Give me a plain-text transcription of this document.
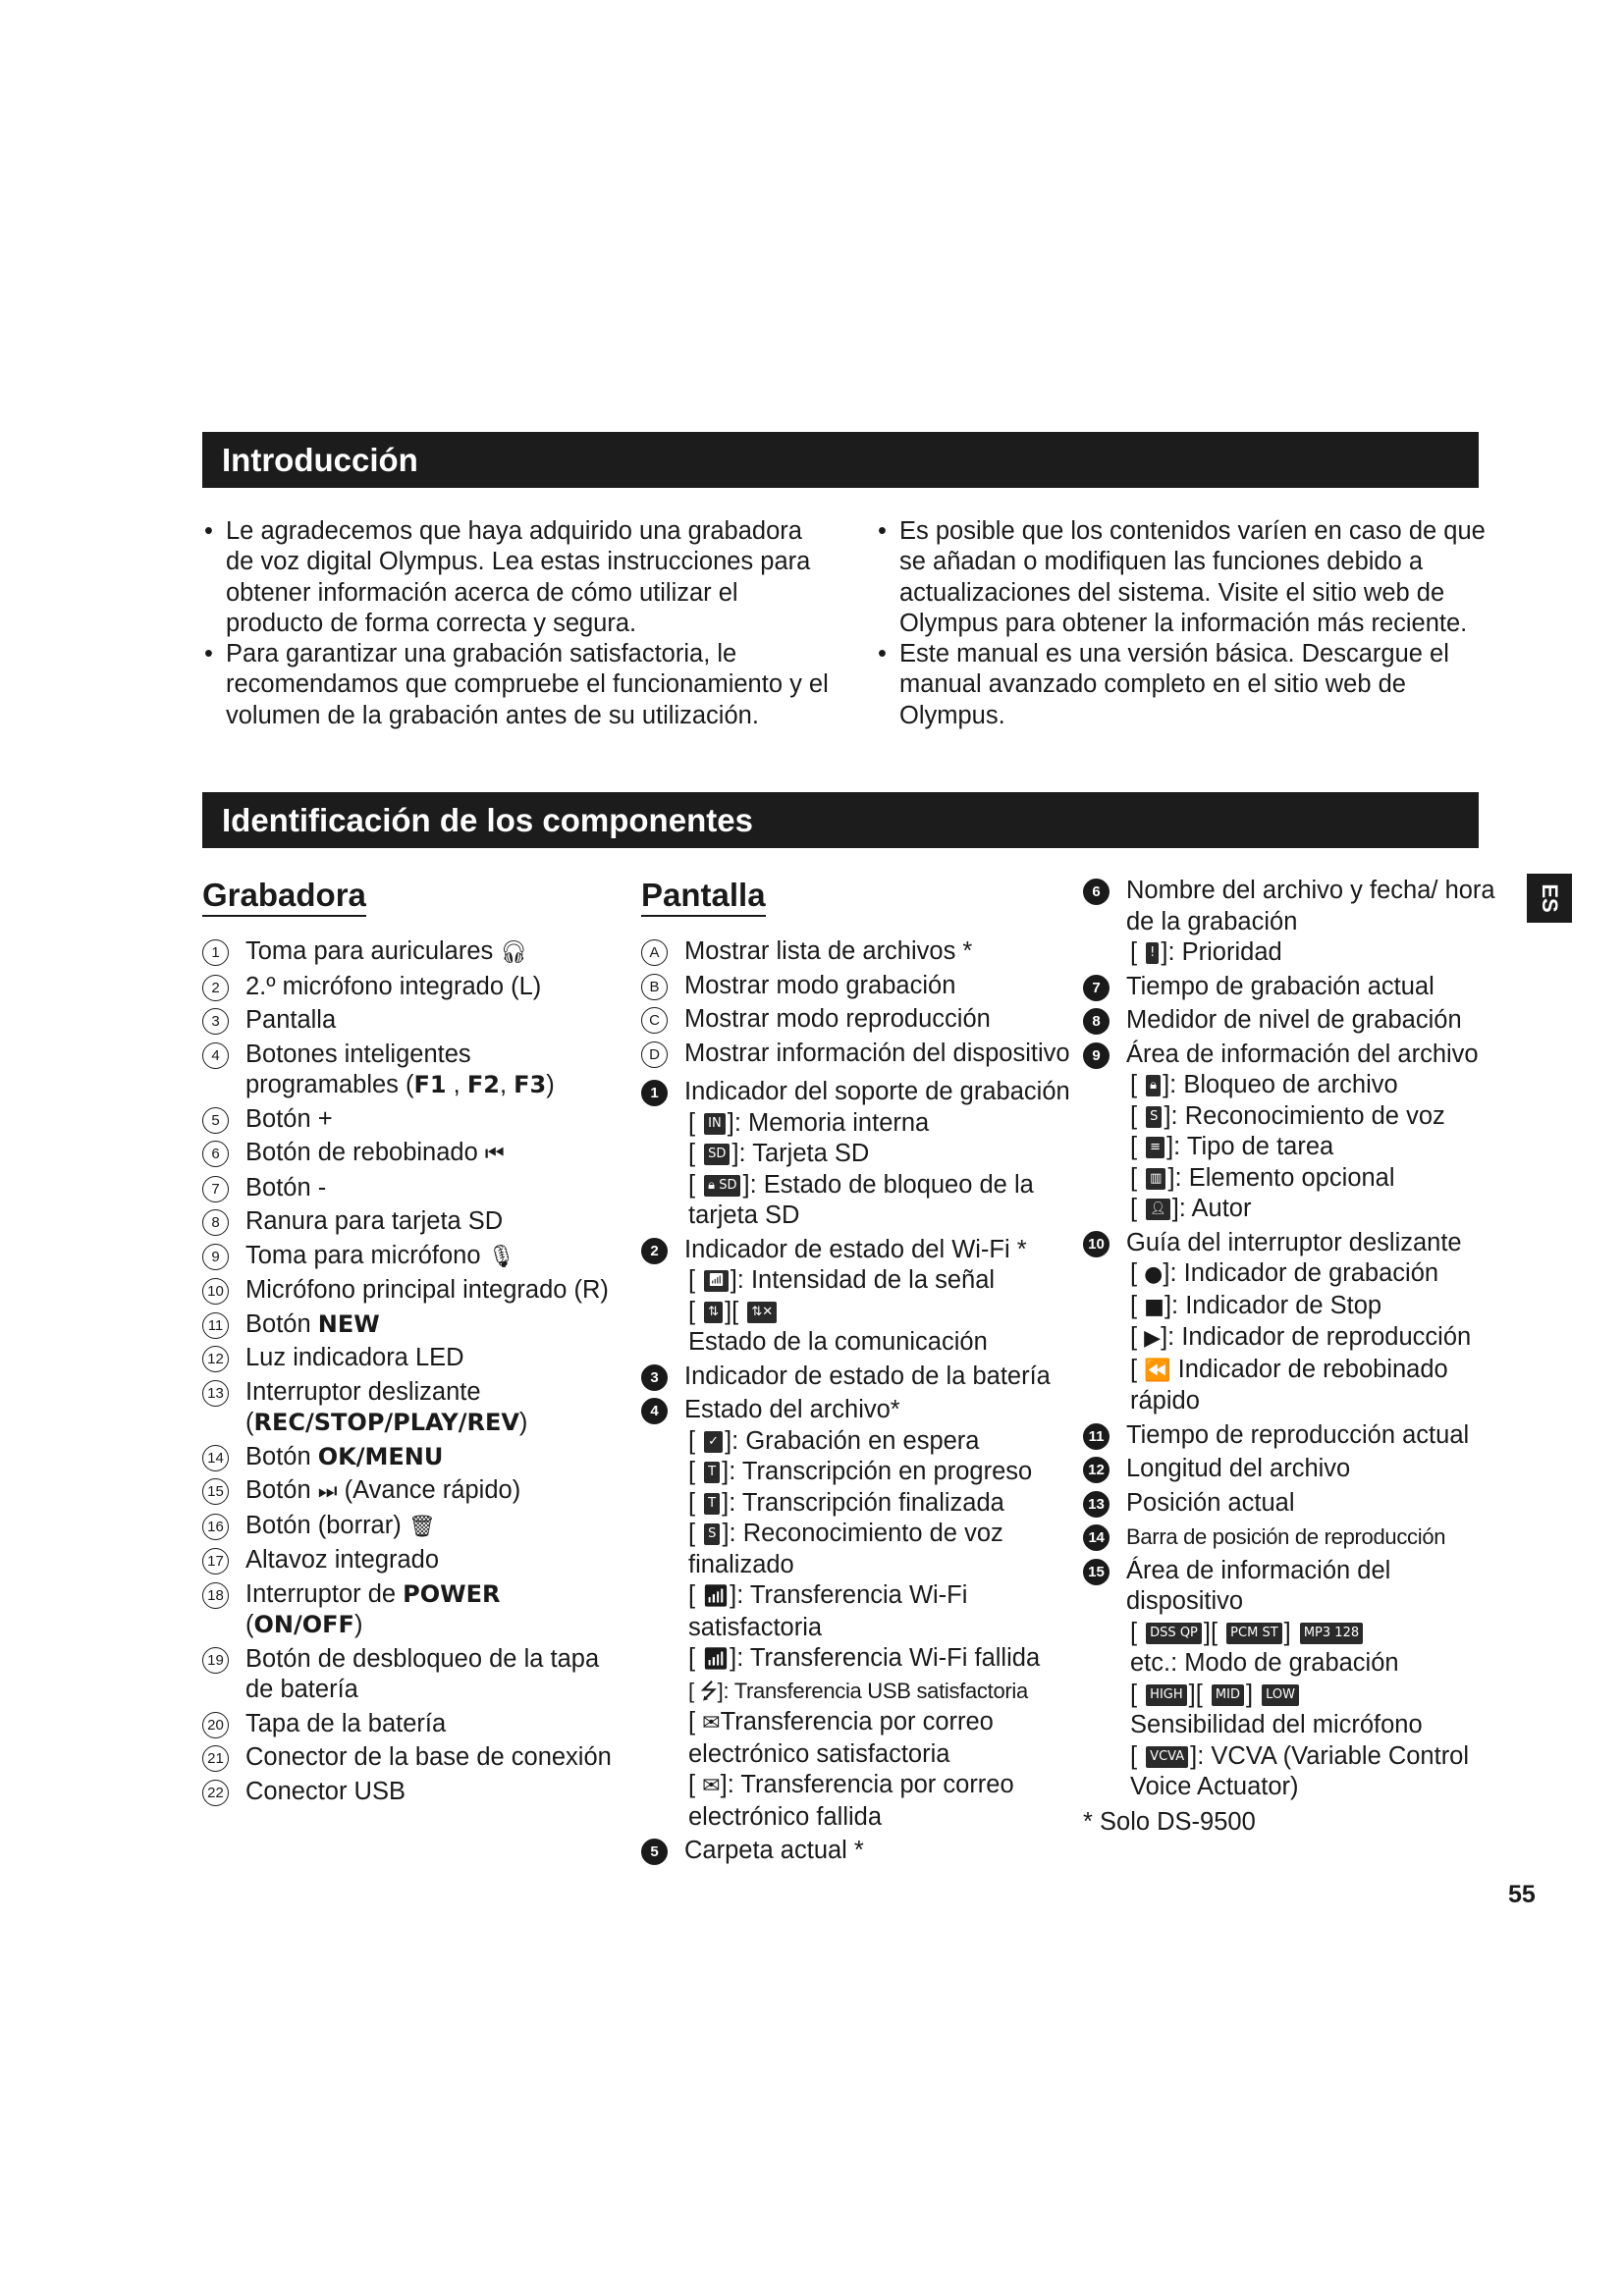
Introducción
• Le agradecemos que haya adquirido una grabadora de voz digital Olympus. Lea estas instrucciones para obtener información acerca de cómo utilizar el producto de forma correcta y segura.
• Para garantizar una grabación satisfactoria, le recomendamos que compruebe el funcionamiento y el volumen de la grabación antes de su utilización.
• Es posible que los contenidos varíen en caso de que se añadan o modifiquen las funciones debido a actualizaciones del sistema. Visite el sitio web de Olympus para obtener la información más reciente.
• Este manual es una versión básica. Descargue el manual avanzado completo en el sitio web de Olympus.
Identificación de los componentes
Grabadora
1	Toma para auriculares 🎧︎
2	2.º micrófono integrado (L)
3	Pantalla
4	Botones inteligentes programables (F1 , F2, F3)
5	Botón +
6	Botón de rebobinado ⏮
7	Botón -
8	Ranura para tarjeta SD
9	Toma para micrófono 🎙︎
10 Micrófono principal integrado (R)
11 Botón NEW
12 Luz indicadora LED
13 Interruptor deslizante (REC/STOP/PLAY/REV)
14 Botón OK/MENU
15 Botón ⏭ (Avance rápido)
16 Botón (borrar) 🗑︎
17 Altavoz integrado
18 Interruptor de POWER
(ON/OFF)
19 Botón de desbloqueo de la tapa de batería
20 Tapa de la batería
21 Conector de la base de conexión
22 Conector USB
Pantalla
A	Mostrar lista de archivos *
B	Mostrar modo grabación
C Mostrar modo reproducción
D Mostrar información del dispositivo
1	Indicador del soporte de grabación
[ IN ]: Memoria interna
[ SD ]: Tarjeta SD
[ 🔒︎ SD ]: Estado de bloqueo de la tarjeta SD
2	Indicador de estado del Wi-Fi *
[ 📶︎ ]: Intensidad de la señal
[ ⇅ ][ ⇅✕
Estado de la comunicación
3	Indicador de estado de la batería
4	Estado del archivo*
[ ✓ ]: Grabación en espera
[ T ]: Transcripción en progreso
[ T ]: Transcripción finalizada
[ S ]: Reconocimiento de voz finalizado
[ 📶︎]: Transferencia Wi-Fi satisfactoria
[ 📶︎]: Transferencia Wi-Fi fallida
[ ⭍]: Transferencia USB satisfactoria
[ ✉︎Transferencia por correo electrónico satisfactoria
[ ✉︎]: Transferencia por correo electrónico fallida
5	Carpeta actual *
6	Nombre del archivo y fecha/ hora de la grabación
[ ! ]: Prioridad
7	Tiempo de grabación actual
8	Medidor de nivel de grabación
9	Área de información del archivo
[ 🔒︎ ]: Bloqueo de archivo
[ S ]: Reconocimiento de voz
[ ≡ ]: Tipo de tarea
[ ▥ ]: Elemento opcional
[ 👤︎ ]: Autor
10 Guía del interruptor deslizante
[ ●]: Indicador de grabación
[ ■]: Indicador de Stop
[ ▶]: Indicador de reproducción
[ ⏪ Indicador de rebobinado rápido
11 Tiempo de reproducción actual
12 Longitud del archivo
13 Posición actual
14 Barra de posición de reproducción
15 Área de información del dispositivo
[ DSS QP ][ PCM ST ] MP3 128
etc.: Modo de grabación
[ HIGH ][ MID ] LOW
Sensibilidad del micrófono
[ VCVA ]: VCVA (Variable Control Voice Actuator)
* Solo DS-9500
ES
55
